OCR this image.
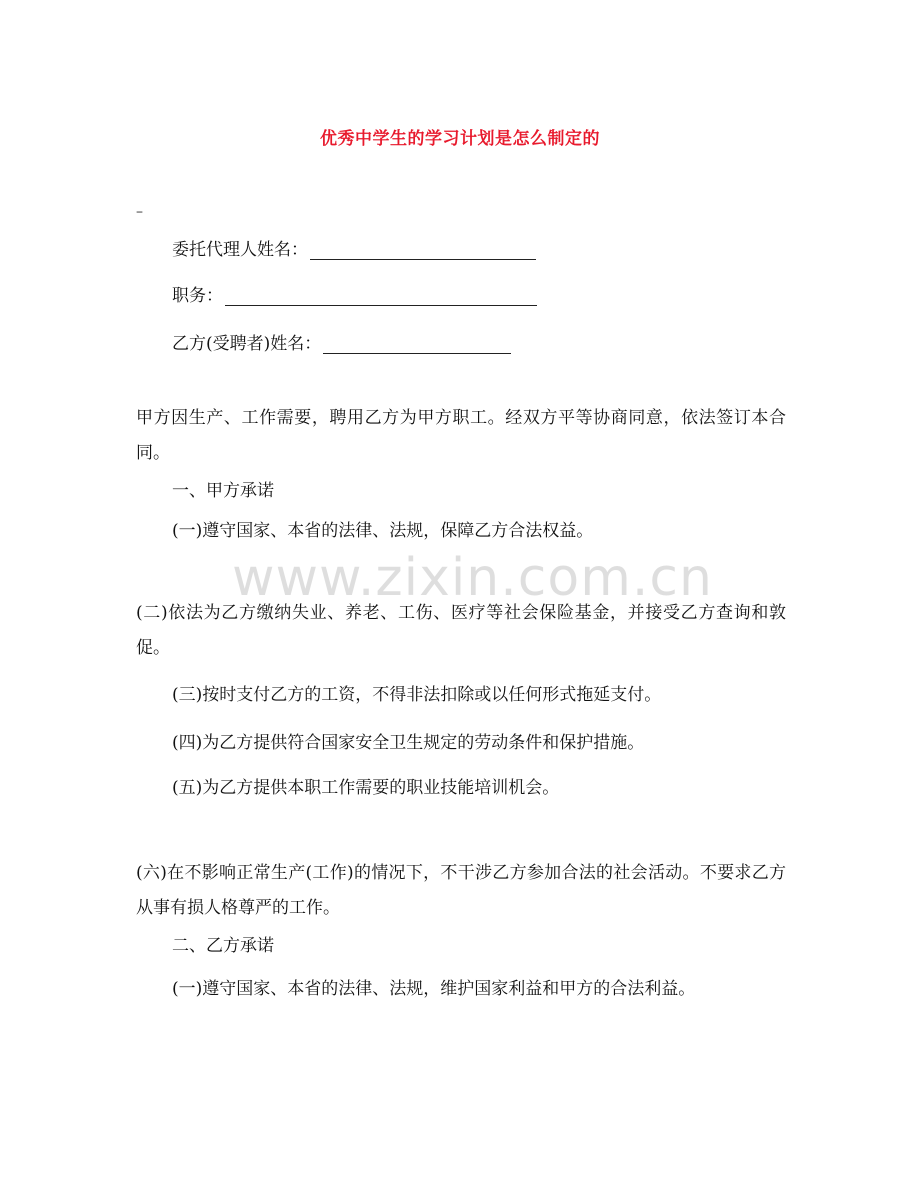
优秀中学生的学习计划是怎么制定的
–
委托代理人姓名：
职务：
乙方(受聘者)姓名：
甲方因生产、工作需要，聘用乙方为甲方职工。经双方平等协商同意，依法签订本合同。
一、甲方承诺
(一)遵守国家、本省的法律、法规，保障乙方合法权益。
www.zixin.com.cn
(二)依法为乙方缴纳失业、养老、工伤、医疗等社会保险基金，并接受乙方查询和敦促。
(三)按时支付乙方的工资，不得非法扣除或以任何形式拖延支付。
(四)为乙方提供符合国家安全卫生规定的劳动条件和保护措施。
(五)为乙方提供本职工作需要的职业技能培训机会。
(六)在不影响正常生产(工作)的情况下，不干涉乙方参加合法的社会活动。不要求乙方从事有损人格尊严的工作。
二、乙方承诺
(一)遵守国家、本省的法律、法规，维护国家利益和甲方的合法利益。
